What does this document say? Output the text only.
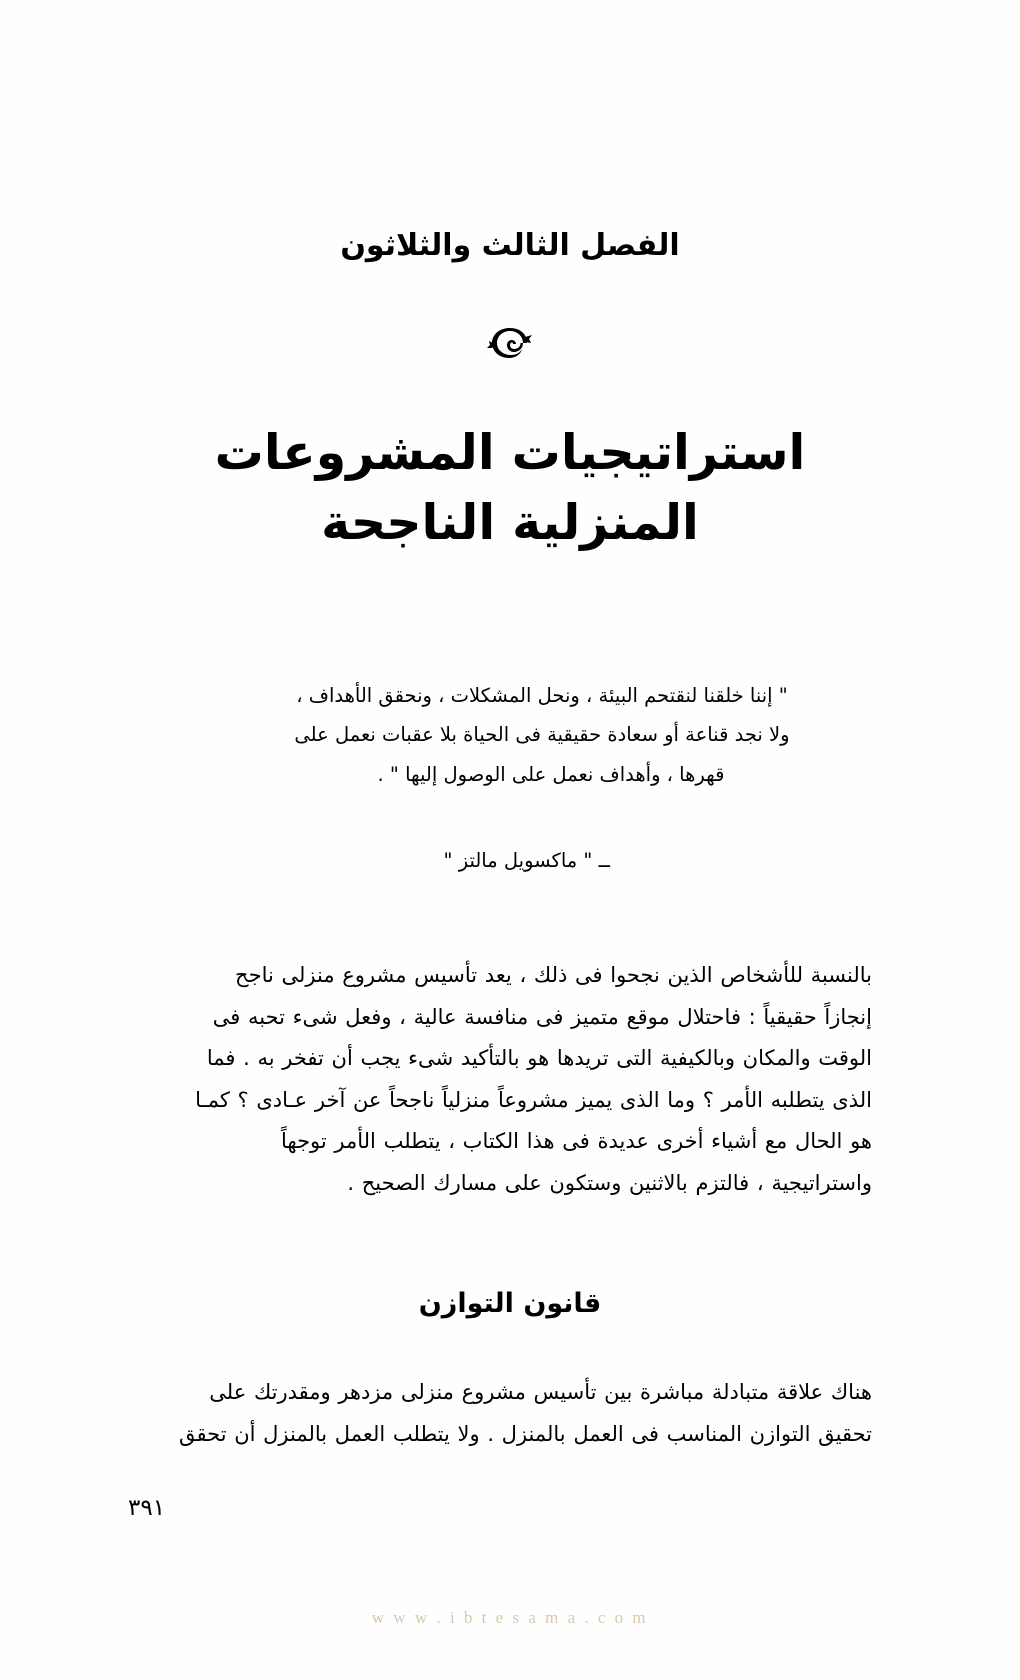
الفصل الثالث والثلاثون
استراتيجيات المشروعات
المنزلية الناجحة
" إننا خلقنا لنقتحم البيئة ، ونحل المشكلات ، ونحقق الأهداف ،
ولا نجد قناعة أو سعادة حقيقية فى الحياة بلا عقبات نعمل على
قهرها ، وأهداف نعمل على الوصول إليها " .
ــ " ماكسويل مالتز "
بالنسبة للأشخاص الذين نجحوا فى ذلك ، يعد تأسيس مشروع منزلى ناجح
إنجازاً حقيقياً : فاحتلال موقع متميز فى منافسة عالية ، وفعل شىء تحبه فى
الوقت والمكان وبالكيفية التى تريدها هو بالتأكيد شىء يجب أن تفخر به . فما
الذى يتطلبه الأمر ؟ وما الذى يميز مشروعاً منزلياً ناجحاً عن آخر عـادى ؟ كمـا
هو الحال مع أشياء أخرى عديدة فى هذا الكتاب ، يتطلب الأمر توجهاً
واستراتيجية ، فالتزم بالاثنين وستكون على مسارك الصحيح .
قانون التوازن
هناك علاقة متبادلة مباشرة بين تأسيس مشروع منزلى مزدهر ومقدرتك على
تحقيق التوازن المناسب فى العمل بالمنزل . ولا يتطلب العمل بالمنزل أن تحقق
٣٩١
w w w . i b t e s a m a . c o m
